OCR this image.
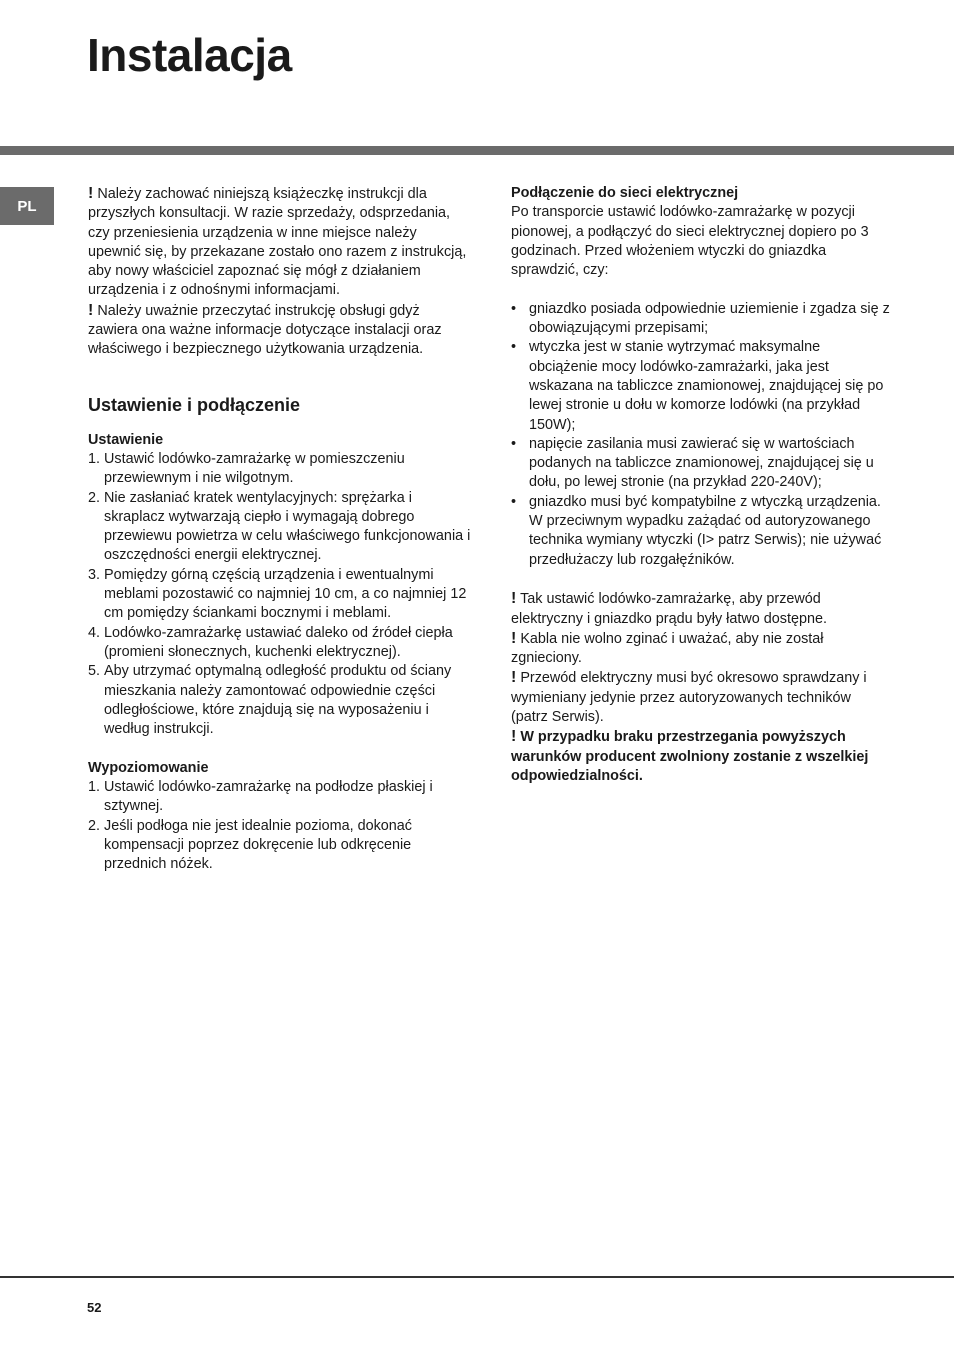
Instalacja
PL

! Należy zachować niniejszą książeczkę instrukcji dla przyszłych konsultacji. W razie sprzedaży, odsprzedania, czy przeniesienia urządzenia w inne miejsce należy upewnić się, by przekazane zostało ono razem z instrukcją, aby nowy właściciel zapoznać się mógł z działaniem urządzenia i z odnośnymi informacjami.

! Należy uważnie przeczytać instrukcję obsługi gdyż zawiera ona ważne informacje dotyczące instalacji oraz właściwego i bezpiecznego użytkowania urządzenia.

Ustawienie i podłączenie

Ustawienie

1. Ustawić lodówko-zamrażarkę w pomieszczeniu przewiewnym i nie wilgotnym.
2. Nie zasłaniać kratek wentylacyjnych: sprężarka i skraplacz wytwarzają ciepło i wymagają dobrego przewiewu powietrza w celu właściwego funkcjonowania i oszczędności energii elektrycznej.
3. Pomiędzy górną częścią urządzenia i ewentualnymi meblami pozostawić co najmniej 10 cm, a co najmniej 12 cm pomiędzy ściankami bocznymi i meblami.
4. Lodówko-zamrażarkę ustawiać daleko od źródeł ciepła (promieni słonecznych, kuchenki elektrycznej).
5. Aby utrzymać optymalną odległość produktu od ściany mieszkania należy zamontować odpowiednie części odległościowe, które znajdują się na wyposażeniu i według instrukcji.

Wypoziomowanie

1. Ustawić lodówko-zamrażarkę na podłodze płaskiej i sztywnej.
2. Jeśli podłoga nie jest idealnie pozioma, dokonać kompensacji poprzez dokręcenie lub odkręcenie przednich nóżek.

Podłączenie do sieci elektrycznej

Po transporcie ustawić lodówko-zamrażarkę w pozycji pionowej, a podłączyć do sieci elektrycznej dopiero po 3 godzinach. Przed włożeniem wtyczki do gniazdka sprawdzić, czy:

• gniazdko posiada odpowiednie uziemienie i zgadza się z obowiązującymi przepisami;
• wtyczka jest w stanie wytrzymać maksymalne obciążenie mocy lodówko-zamrażarki, jaka jest wskazana na tabliczce znamionowej, znajdującej się po lewej stronie u dołu w komorze lodówki (na przykład 150W);
• napięcie zasilania musi zawierać się w wartościach podanych na tabliczce znamionowej, znajdującej się u dołu, po lewej stronie (na przykład 220-240V);
• gniazdko musi być kompatybilne z wtyczką urządzenia.
W przeciwnym wypadku zażądać od autoryzowanego technika wymiany wtyczki (I> patrz Serwis); nie używać przedłużaczy lub rozgałęźników.

! Tak ustawić lodówko-zamrażarkę, aby przewód elektryczny i gniazdko prądu były łatwo dostępne.

! Kabla nie wolno zginać i uważać, aby nie został zgnieciony.

! Przewód elektryczny musi być okresowo sprawdzany i wymieniany jedynie przez autoryzowanych techników (patrz Serwis).

! W przypadku braku przestrzegania powyższych warunków producent zwolniony zostanie z wszelkiej odpowiedzialności.

52
